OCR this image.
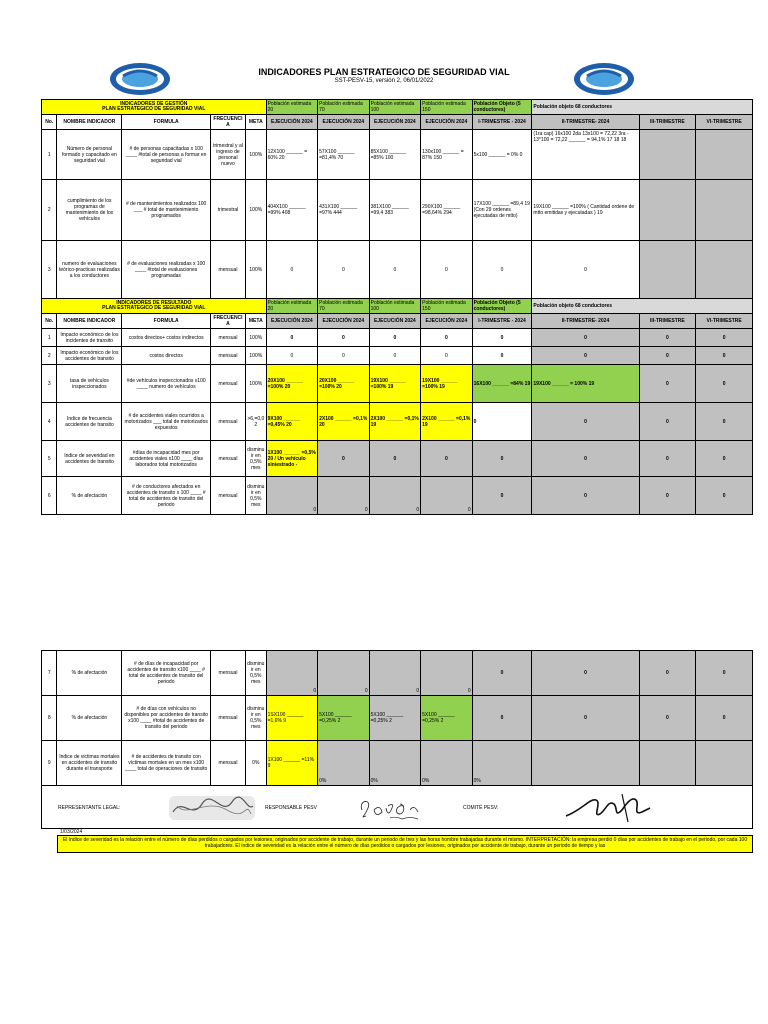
INDICADORES PLAN ESTRATEGICO DE SEGURIDAD VIAL
SST-PESV-15, versión 2, 06/01/2022
INDICADORES DE GESTIÓN
PLAN ESTRATEGICO DE SEGURIDAD VIAL					Población estimada 20	Población estimada 70	Población estimada 100	Población estimada 150	Población Objeto (5 conductores)	Población objeto 68 conductores		
No.	NOMBRE INDICADOR	FORMULA	FRECUENCIA	META	EJECUCIÓN 2024	EJECUCIÓN 2024	EJECUCIÓN 2024	EJECUCIÓN 2024	I-TRIMESTRE - 2024	II-TRIMESTRE- 2024	III-TRIMESTRE	VI-TRIMESTRE
1	Número de personal formado y capacitado en seguridad vial	# de personas capacitadas x 100 ____ #total de personas a formar en seguridad vial	trimestral y al ingreso de personal nuevo	100%	12X100 ______ = 60% 20	57X100 ______ =81,4% 70	85X100 ______ =85% 100	130x100 ______ = 87% 150	5x100 ______ = 0% 0	(1ra cap) 16x100 2da 13x100 = 72,22 3ra - 13*100 = 72,22 ______ = 94,1% 17 18 18		
2	cumplimiento de los programas de mantenimiento de los vehículos	# de mantenimientos realizados 100 ___ # total de mantenimiento programados	trimestral	100%	404X100 ______ =99% 408	431X100 ______ =97% 444	381X100 ______ =99,4 383	290X100 ______ =98,64% 294	17X100 ______ =89,4 19 (Con 29 ordenes ejecutadas de mtto)	19X100 ______ =100% ( Cantidad ordene de mtto emitidas y ejecutadas ) 19		
3	numero de evaluaciones teórico-practicas realizadas a los conductores	# de evaluaciones realizadas x 100 ____ #total de evaluaciones programadas	mensual	100%	0	0	0	0	0	0		

INDICADORES DE RESULTADO
PLAN ESTRATEGICO DE SEGURIDAD VIAL					Población estimada 20	Población estimada 70	Población estimada 100	Población estimada 150	Población Objeto (5 conductores)	Población objeto 68 conductores		
No.	NOMBRE INDICADOR	FORMULA	FRECUENCIA	META	EJECUCIÓN 2024	EJECUCIÓN 2024	EJECUCIÓN 2024	EJECUCIÓN 2024	I-TRIMESTRE - 2024	II-TRIMESTRE- 2024	III-TRIMESTRE	VI-TRIMESTRE
1	Impacto económico de los incidentes de transito	costos directos+ costos indirectos	mensual	100%	0	0	0	0	0	0	0	0
2	Impacto económico de los accidentes de transito	costos directos	mensual	100%	0	0	0	0	0	0	0	0
3	tasa de vehículos inspeccionados	#de vehículos inspeccionados x100 ____ numero de vehículos	mensual	100%	20X100 ______ =100% 20	20X100 ______ =100% 20	19X100 ______ =100% 19	19X100 ______ =100% 19	16X100 ______ =84% 19	19X100 ______ = 100% 19	0	0
4	Indice de frecuencia accidentes de transito	# de accidentes viales ocurridos a motorizados ___ total de motorizados expuestos	mensual	>6,=0,02	9X100 ______ =0,45% 20	2X100 ______ =0,1% 20	2X100 ______ =0,1% 19	2X100 ______ =0,1% 19	0	0	0	0
5	Indice de severidad en accidentes de transito	#días de incapacidad mes por accidentes viales x100 ____ días laborados total motorizados	mensual	disminuir en 0,5% mes	1X100 ______ =0,5% 20 / Un vehículo siniestrado -	0	0	0	0	0	0	0
6	% de afectación	# de conductores afectados en accidentes de transito x 100 ____ # total de accidentes de transito del periodo	mensual	disminuir en 0,5% mes	0	0	0	0	0	0	0	0
7	% de afectación	# de días de incapacidad por accidentes de transito x100 ____ # total de accidentes de transito del periodo	mensual	disminuir en 0,5% mes	0	0	0	0	0	0	0	0
8	% de afectación	# de días con vehículos no disponibles por accidentes de transito x100 ____ #total de accidentes de transito del periodo	mensual	disminuir en 0,5% mes	1SX100 ______ =1,6% 9	5X100 ______ =0,25% 2	5X100 ______ =0,25% 2	5X100 ______ =0,25% 2	0	0	0	0
9	Indice de victimas mortales en accidentes de transito durante el transporte	# de accidentes de transito con víctimas mortales en un mes x100 ____ total de operaciones de transito	mensual	0%	1X100 ______ =11% 9	0%	0%	0%	0%			
REPRESENTANTE LEGAL:	RESPONSABLE PESV	COMITÉ PESV:
1/03/2024
El índice de severidad es la relación entre el número de días perdidos o cargados por lesiones, originados por accidente de trabajo, durante un periodo de tres y las horas hombre trabajadas durante el mismo. INTERPRETACIÓN: la empresa perdió 0 días por accidentes de trabajo en el periodo, por cada 100 trabajadores. El índice de severidad es la relación entre el número de días perdidos o cargados por lesiones, originados por accidente de trabajo, durante un periodo de tiempo y las
